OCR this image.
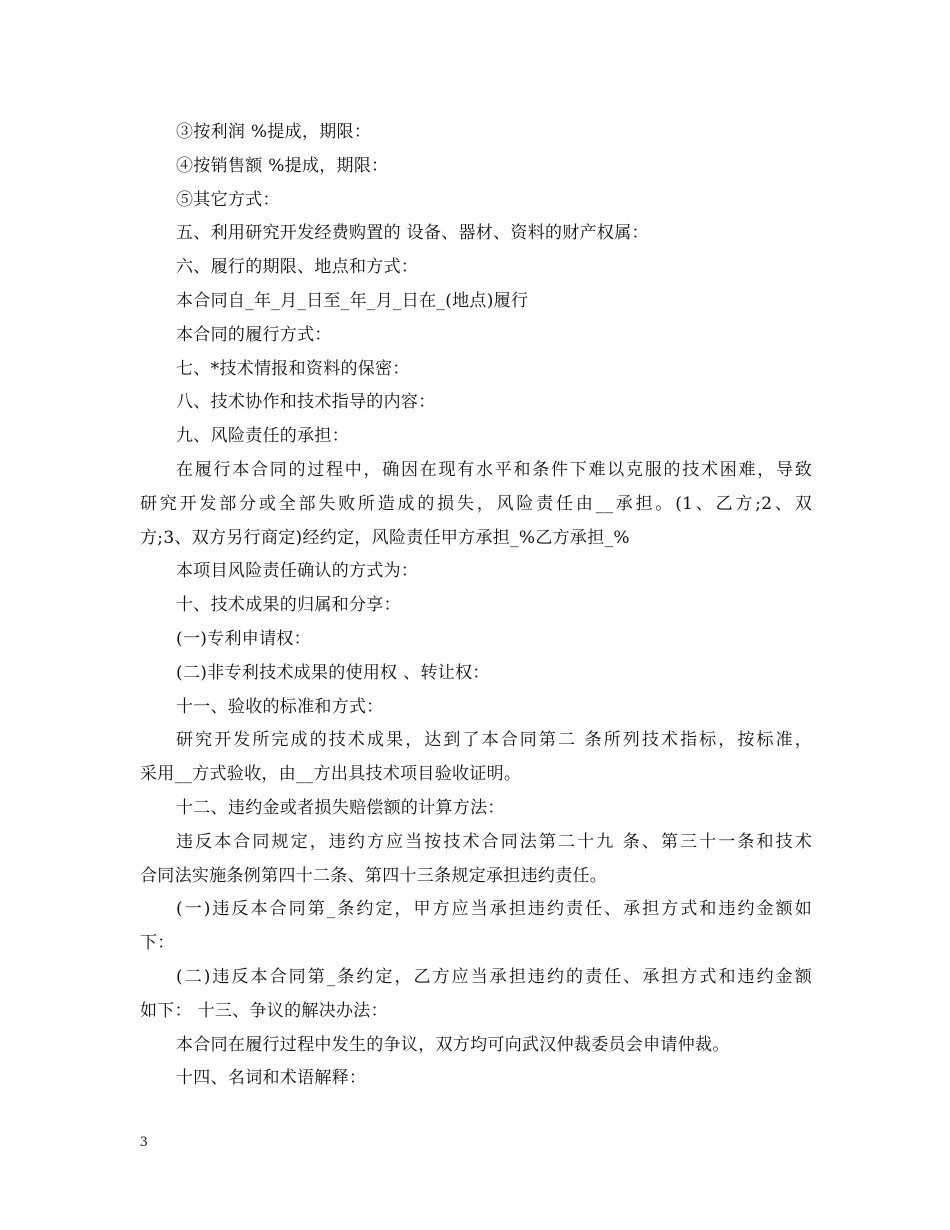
③按利润 %提成，期限：
④按销售额 %提成，期限：
⑤其它方式：
五、利用研究开发经费购置的 设备、器材、资料的财产权属：
六、履行的期限、地点和方式：
本合同自_年_月_日至_年_月_日在_(地点)履行
本合同的履行方式：
七、*技术情报和资料的保密：
八、技术协作和技术指导的内容：
九、风险责任的承担：
在履行本合同的过程中，确因在现有水平和条件下难以克服的技术困难，导致
研究开发部分或全部失败所造成的损失，风险责任由__承担。(1、乙方;2、双
方;3、双方另行商定)经约定，风险责任甲方承担_%乙方承担_%
本项目风险责任确认的方式为：
十、技术成果的归属和分享：
(一)专利申请权：
(二)非专利技术成果的使用权 、转让权：
十一、验收的标准和方式：
研究开发所完成的技术成果，达到了本合同第二 条所列技术指标，按标准，
采用__方式验收，由__方出具技术项目验收证明。
十二、违约金或者损失赔偿额的计算方法：
违反本合同规定，违约方应当按技术合同法第二十九 条、第三十一条和技术
合同法实施条例第四十二条、第四十三条规定承担违约责任。
(一)违反本合同第_条约定，甲方应当承担违约责任、承担方式和违约金额如
下：
(二)违反本合同第_条约定，乙方应当承担违约的责任、承担方式和违约金额
如下： 十三、争议的解决办法：
本合同在履行过程中发生的争议，双方均可向武汉仲裁委员会申请仲裁。
十四、名词和术语解释：
3
